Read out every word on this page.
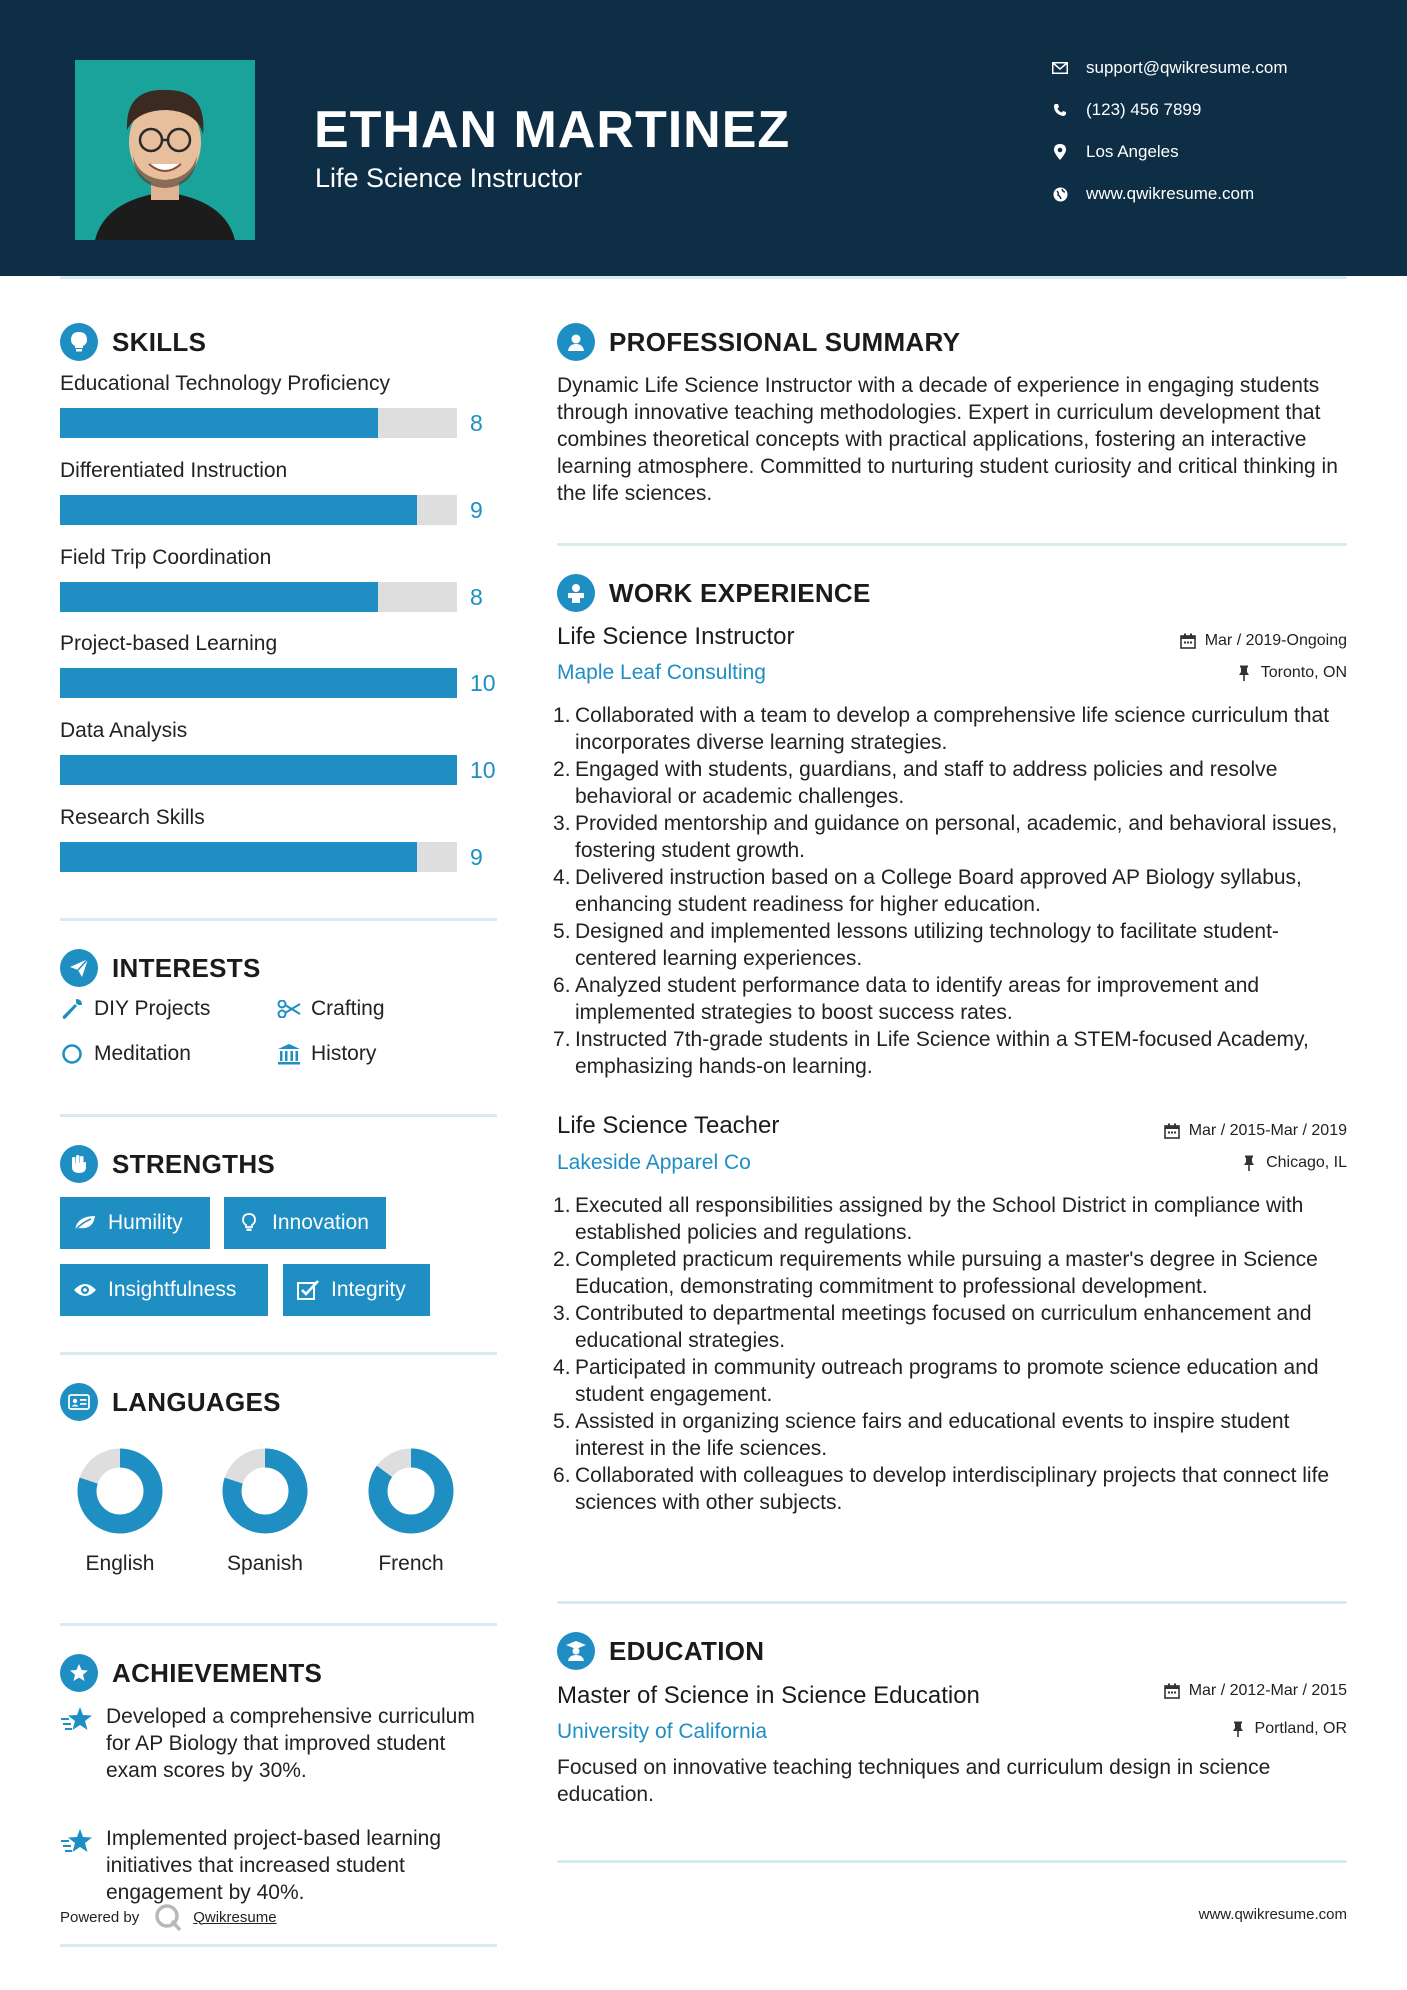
ETHAN MARTINEZ
Life Science Instructor
support@qwikresume.com
(123) 456 7899
Los Angeles
www.qwikresume.com
SKILLS
Educational Technology Proficiency
8
Differentiated Instruction
9
Field Trip Coordination
8
Project-based Learning
10
Data Analysis
10
Research Skills
9
INTERESTS
DIY Projects	Crafting
Meditation	History
STRENGTHS
Humility	Innovation
Insightfulness	Integrity
LANGUAGES
English	Spanish	French
ACHIEVEMENTS
Developed a comprehensive curriculum for AP Biology that improved student exam scores by 30%.
Implemented project-based learning initiatives that increased student engagement by 40%.
PROFESSIONAL SUMMARY
Dynamic Life Science Instructor with a decade of experience in engaging students through innovative teaching methodologies. Expert in curriculum development that combines theoretical concepts with practical applications, fostering an interactive learning atmosphere. Committed to nurturing student curiosity and critical thinking in the life sciences.
WORK EXPERIENCE
Life Science Instructor	Mar / 2019-Ongoing
Maple Leaf Consulting	Toronto, ON
Collaborated with a team to develop a comprehensive life science curriculum that incorporates diverse learning strategies.
Engaged with students, guardians, and staff to address policies and resolve behavioral or academic challenges.
Provided mentorship and guidance on personal, academic, and behavioral issues, fostering student growth.
Delivered instruction based on a College Board approved AP Biology syllabus, enhancing student readiness for higher education.
Designed and implemented lessons utilizing technology to facilitate student-centered learning experiences.
Analyzed student performance data to identify areas for improvement and implemented strategies to boost success rates.
Instructed 7th-grade students in Life Science within a STEM-focused Academy, emphasizing hands-on learning.
Life Science Teacher	Mar / 2015-Mar / 2019
Lakeside Apparel Co	Chicago, IL
Executed all responsibilities assigned by the School District in compliance with established policies and regulations.
Completed practicum requirements while pursuing a master's degree in Science Education, demonstrating commitment to professional development.
Contributed to departmental meetings focused on curriculum enhancement and educational strategies.
Participated in community outreach programs to promote science education and student engagement.
Assisted in organizing science fairs and educational events to inspire student interest in the life sciences.
Collaborated with colleagues to develop interdisciplinary projects that connect life sciences with other subjects.
EDUCATION
Master of Science in Science Education	Mar / 2012-Mar / 2015
University of California	Portland, OR
Focused on innovative teaching techniques and curriculum design in science education.
Powered by	Qwikresume	www.qwikresume.com
